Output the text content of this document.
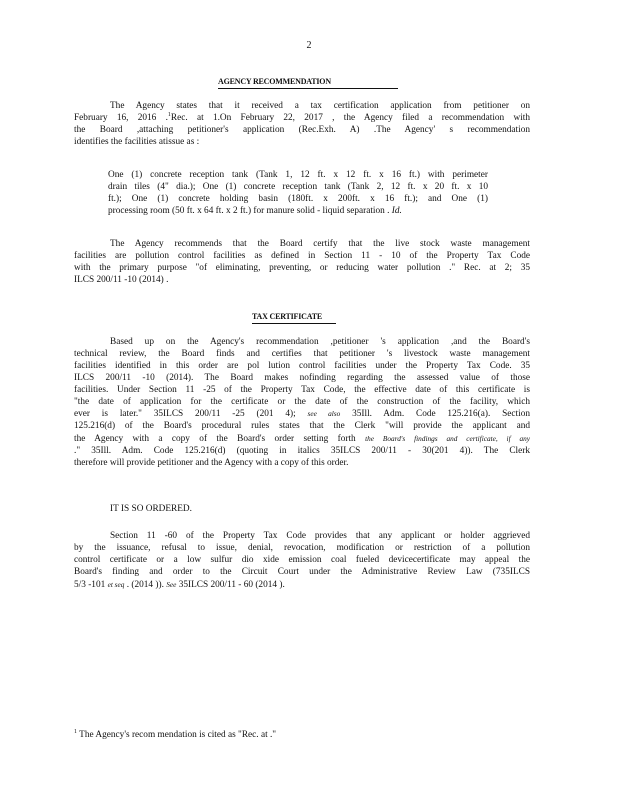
2
AGENCY RECOMMENDATION
The Agency states that it received a tax certification application from petitioner on
February 16, 2016 .$^1$Rec. at 1.On February 22, 2017 , the Agency filed a recommendation with
the Board ,attaching petitioner's application (Rec.Exh. A) .The Agency' s recommendation
identifies the facilities atissue as :
One (1) concrete reception tank (Tank 1, 12 ft. x 12 ft. x 16 ft.) with perimeter
drain tiles (4" dia.); One (1) concrete reception tank (Tank 2, 12 ft. x 20 ft. x 10
ft.); One (1) concrete holding basin (180ft. x 200ft. x 16 ft.); and One (1)
processing room (50 ft. x 64 ft. x 2 ft.) for manure solid - liquid separation . Id.
The Agency recommends that the Board certify that the live stock waste management
facilities are pollution control facilities as defined in Section 11 - 10 of the Property Tax Code
with the primary purpose "of eliminating, preventing, or reducing water pollution ." Rec. at 2; 35
ILCS 200/11 -10 (2014) .
TAX CERTIFICATE
Based up on the Agency's recommendation ,petitioner 's application ,and the Board's
technical review, the Board finds and certifies that petitioner 's livestock waste management
facilities identified in this order are pol lution control facilities under the Property Tax Code. 35
ILCS 200/11 -10 (2014). The Board makes nofinding regarding the assessed value of those
facilities. Under Section 11 -25 of the Property Tax Code, the effective date of this certificate is
"the date of application for the certificate or the date of the construction of the facility, which
ever is later." 35ILCS 200/11 -25 (201 4); see also 35Ill. Adm. Code 125.216(a). Section
125.216(d) of the Board's procedural rules states that the Clerk "will provide the applicant and
the Agency with a copy of the Board's order setting forth the Board's findings and certificate, if any
." 35Ill. Adm. Code 125.216(d) (quoting in italics 35ILCS 200/11 - 30(201 4)). The Clerk
therefore will provide petitioner and the Agency with a copy of this order.
IT IS SO ORDERED.
Section 11 -60 of the Property Tax Code provides that any applicant or holder aggrieved
by the issuance, refusal to issue, denial, revocation, modification or restriction of a pollution
control certificate or a low sulfur dio xide emission coal fueled devicecertificate may appeal the
Board's finding and order to the Circuit Court under the Administrative Review Law (735ILCS
5/3 -101 et seq . (2014 )). See 35ILCS 200/11 - 60 (2014 ).
$^1$ The Agency's recom mendation is cited as "Rec. at ."
